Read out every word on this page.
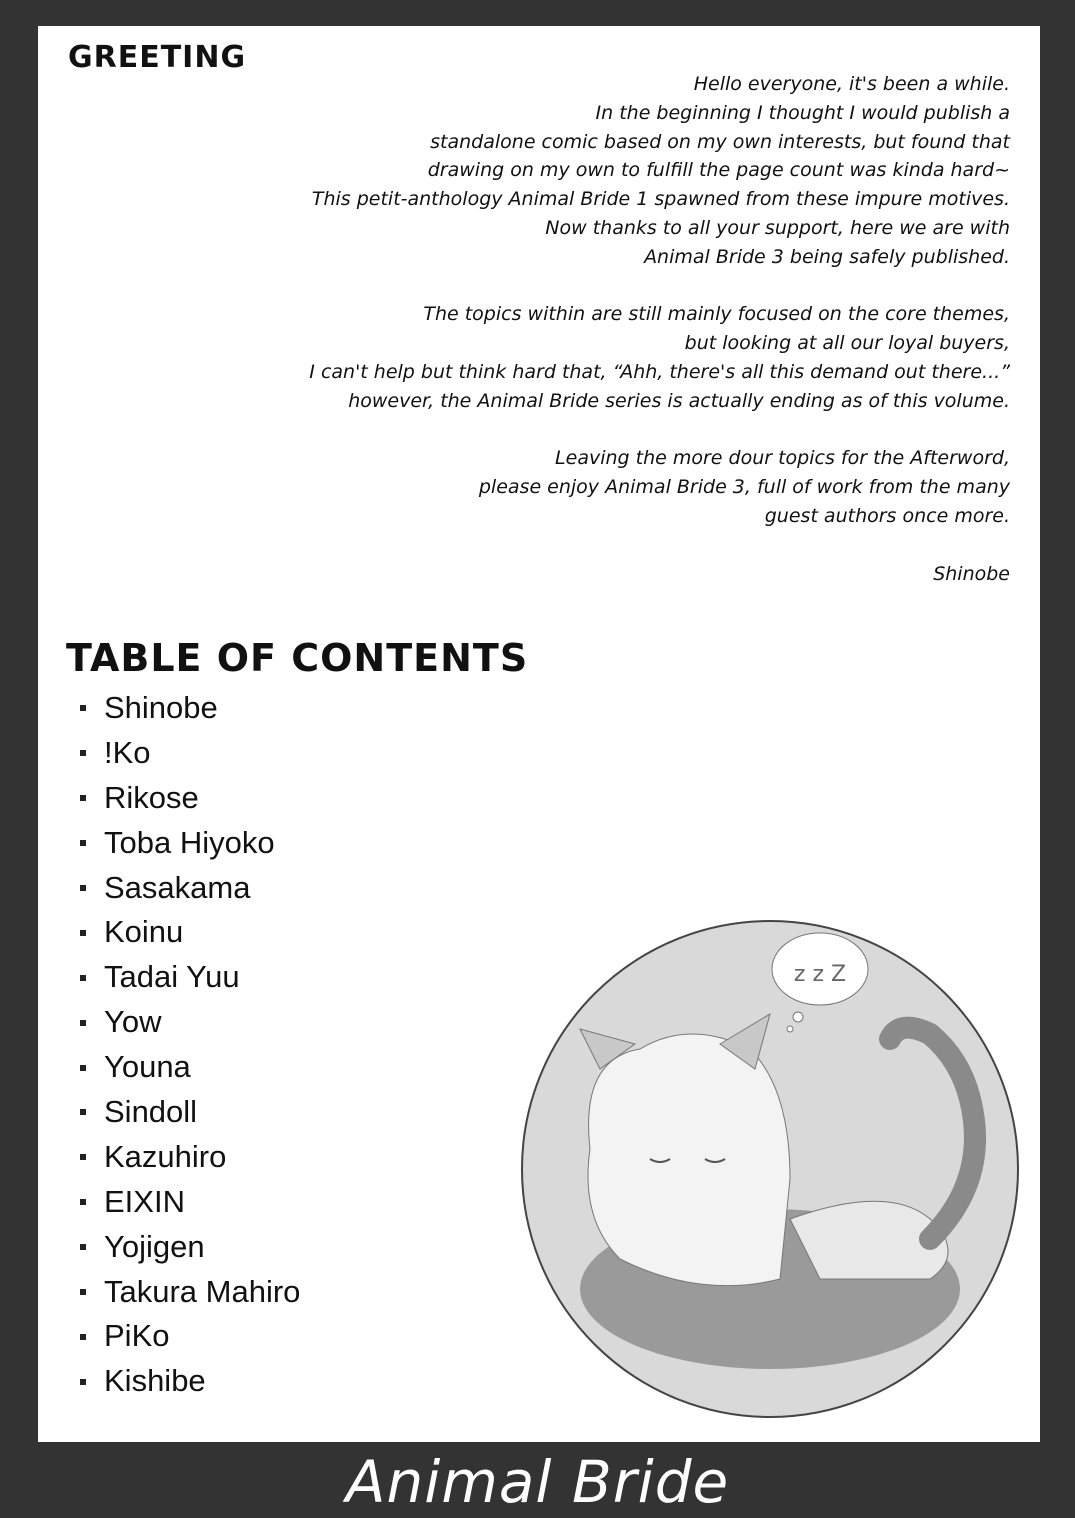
GREETING
Hello everyone, it's been a while.
In the beginning I thought I would publish a
standalone comic based on my own interests, but found that
drawing on my own to fulfill the page count was kinda hard~
This petit-anthology Animal Bride 1 spawned from these impure motives.
Now thanks to all your support, here we are with
Animal Bride 3 being safely published.
The topics within are still mainly focused on the core themes,
but looking at all our loyal buyers,
I can't help but think hard that, “Ahh, there's all this demand out there...”
however, the Animal Bride series is actually ending as of this volume.
Leaving the more dour topics for the Afterword,
please enjoy Animal Bride 3, full of work from the many
guest authors once more.
Shinobe
TABLE OF CONTENTS
Shinobe
!Ko
Rikose
Toba Hiyoko
Sasakama
Koinu
Tadai Yuu
Yow
Youna
Sindoll
Kazuhiro
EIXIN
Yojigen
Takura Mahiro
PiKo
Kishibe
z z Z
Animal Bride
